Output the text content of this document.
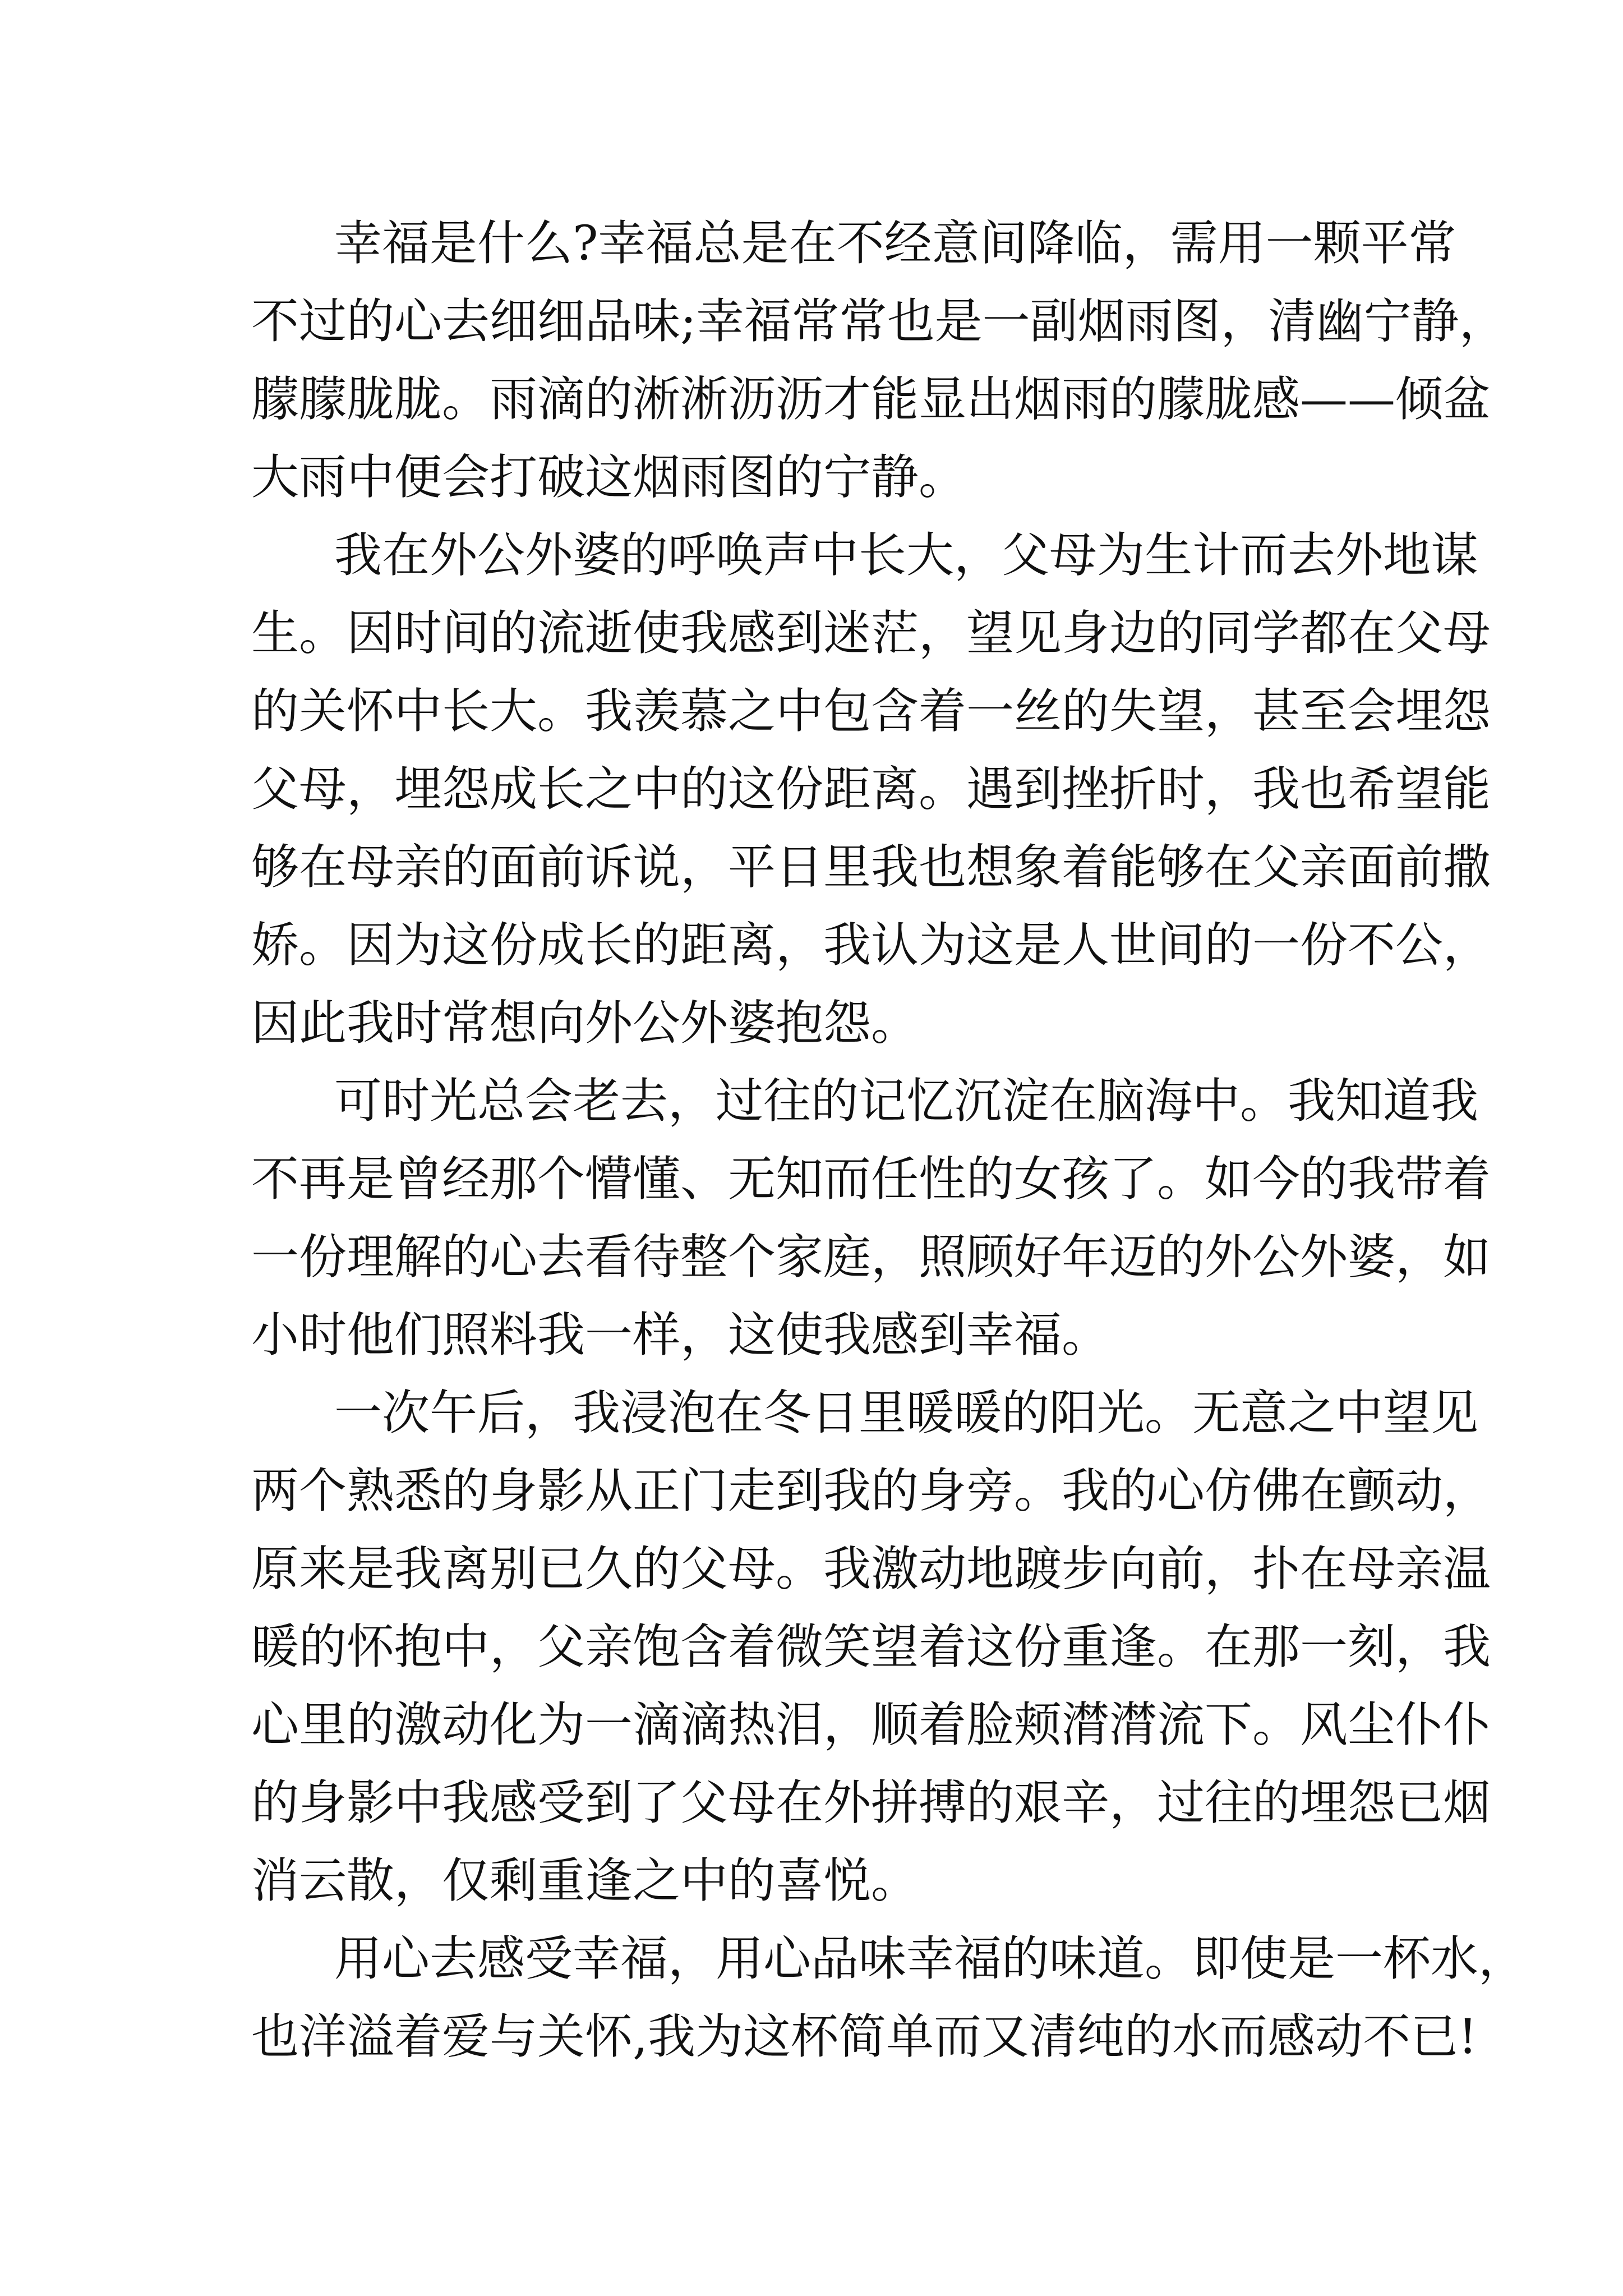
幸福是什么?幸福总是在不经意间降临，需用一颗平常
不过的心去细细品味;幸福常常也是一副烟雨图，清幽宁静，
朦朦胧胧。雨滴的淅淅沥沥才能显出烟雨的朦胧感——倾盆
大雨中便会打破这烟雨图的宁静。
我在外公外婆的呼唤声中长大，父母为生计而去外地谋
生。因时间的流逝使我感到迷茫，望见身边的同学都在父母
的关怀中长大。我羡慕之中包含着一丝的失望，甚至会埋怨
父母，埋怨成长之中的这份距离。遇到挫折时，我也希望能
够在母亲的面前诉说，平日里我也想象着能够在父亲面前撒
娇。因为这份成长的距离，我认为这是人世间的一份不公，
因此我时常想向外公外婆抱怨。
可时光总会老去，过往的记忆沉淀在脑海中。我知道我
不再是曾经那个懵懂、无知而任性的女孩了。如今的我带着
一份理解的心去看待整个家庭，照顾好年迈的外公外婆，如
小时他们照料我一样，这使我感到幸福。
一次午后，我浸泡在冬日里暖暖的阳光。无意之中望见
两个熟悉的身影从正门走到我的身旁。我的心仿佛在颤动，
原来是我离别已久的父母。我激动地踱步向前，扑在母亲温
暖的怀抱中，父亲饱含着微笑望着这份重逢。在那一刻，我
心里的激动化为一滴滴热泪，顺着脸颊潸潸流下。风尘仆仆
的身影中我感受到了父母在外拼搏的艰辛，过往的埋怨已烟
消云散，仅剩重逢之中的喜悦。
用心去感受幸福，用心品味幸福的味道。即使是一杯水，
也洋溢着爱与关怀,我为这杯简单而又清纯的水而感动不已!
